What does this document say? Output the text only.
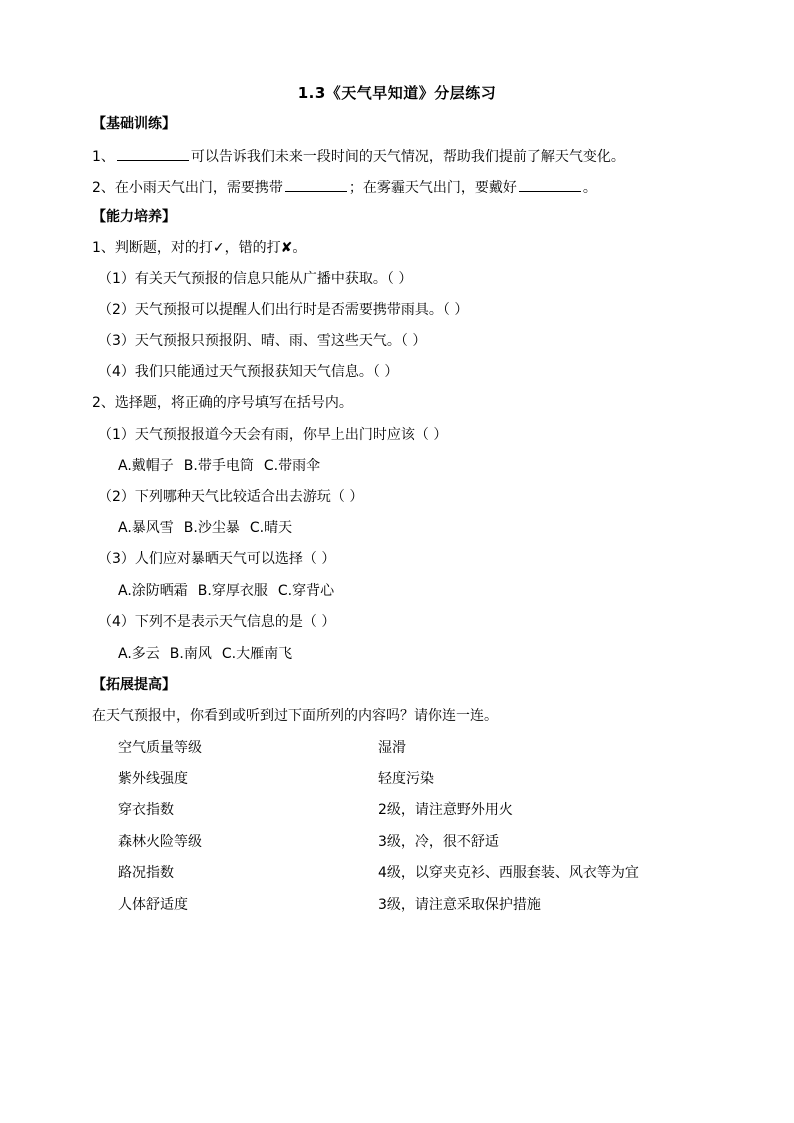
1.3《天气早知道》分层练习
【基础训练】
1、	可以告诉我们未来一段时间的天气情况，帮助我们提前了解天气变化。
2、在小雨天气出门，需要携带	；在雾霾天气出门，要戴好	。
【能力培养】
1、判断题，对的打✓，错的打✘。
（1）有关天气预报的信息只能从广播中获取。（ ）
（2）天气预报可以提醒人们出行时是否需要携带雨具。（ ）
（3）天气预报只预报阴、晴、雨、雪这些天气。（ ）
（4）我们只能通过天气预报获知天气信息。（ ）
2、选择题，将正确的序号填写在括号内。
（1）天气预报报道今天会有雨，你早上出门时应该（ ）
A.戴帽子 B.带手电筒 C.带雨伞
（2）下列哪种天气比较适合出去游玩（ ）
A.暴风雪 B.沙尘暴 C.晴天
（3）人们应对暴晒天气可以选择（ ）
A.涂防晒霜 B.穿厚衣服 C.穿背心
（4）下列不是表示天气信息的是（ ）
A.多云 B.南风 C.大雁南飞
【拓展提高】
在天气预报中，你看到或听到过下面所列的内容吗？请你连一连。
空气质量等级	湿滑
紫外线强度	轻度污染
穿衣指数	2级，请注意野外用火
森林火险等级	3级，冷，很不舒适
路况指数	4级，以穿夹克衫、西服套装、风衣等为宜
人体舒适度	3级，请注意采取保护措施
